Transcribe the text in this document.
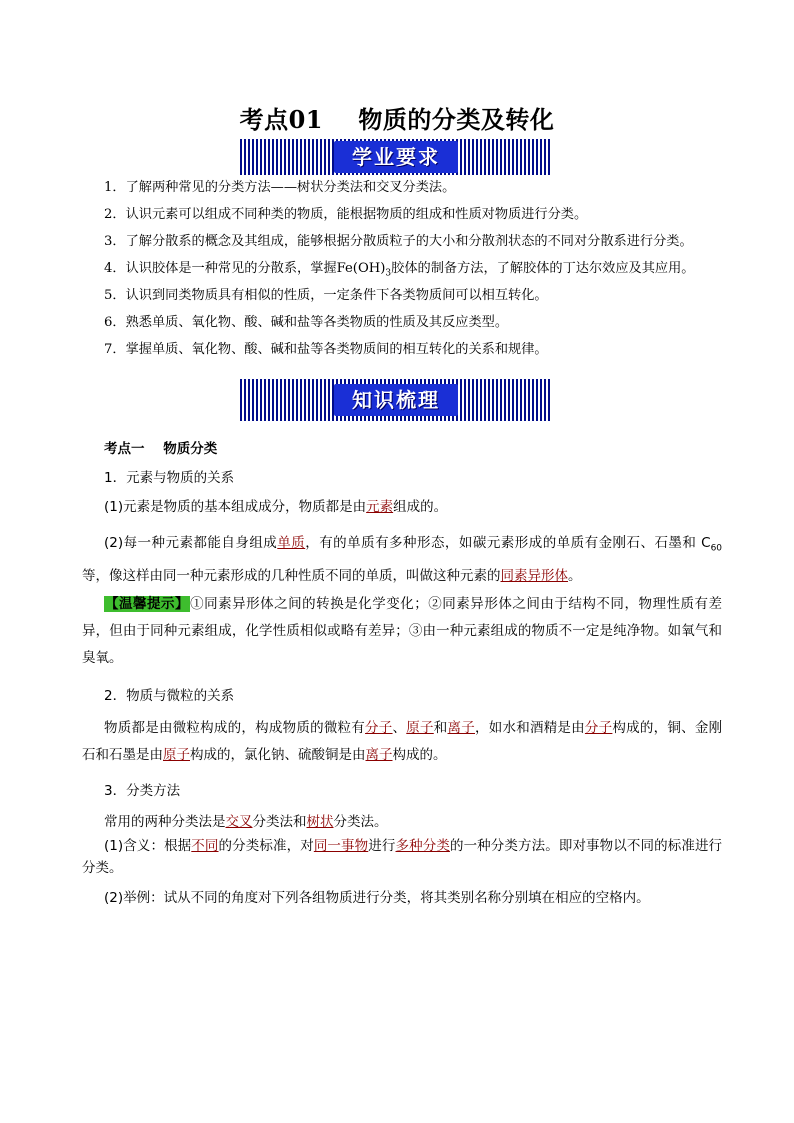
考点01    物质的分类及转化
学业要求
1．了解两种常见的分类方法——树状分类法和交叉分类法。
2．认识元素可以组成不同种类的物质，能根据物质的组成和性质对物质进行分类。
3．了解分散系的概念及其组成，能够根据分散质粒子的大小和分散剂状态的不同对分散系进行分类。
4．认识胶体是一种常见的分散系，掌握$Fe(OH)_3$胶体的制备方法，了解胶体的丁达尔效应及其应用。
5．认识到同类物质具有相似的性质，一定条件下各类物质间可以相互转化。
6．熟悉单质、氧化物、酸、碱和盐等各类物质的性质及其反应类型。
7．掌握单质、氧化物、酸、碱和盐等各类物质间的相互转化的关系和规律。
知识梳理
考点一    物质分类
1．元素与物质的关系
(1)元素是物质的基本组成成分，物质都是由元素组成的。
(2)每一种元素都能自身组成单质，有的单质有多种形态，如碳元素形成的单质有金刚石、石墨和 $C_{60}$ 等，像这样由同一种元素形成的几种性质不同的单质，叫做这种元素的同素异形体。
【温馨提示】①同素异形体之间的转换是化学变化；②同素异形体之间由于结构不同，物理性质有差异，但由于同种元素组成，化学性质相似或略有差异；③由一种元素组成的物质不一定是纯净物。如氧气和臭氧。
2．物质与微粒的关系
物质都是由微粒构成的，构成物质的微粒有分子、原子和离子，如水和酒精是由分子构成的，铜、金刚石和石墨是由原子构成的，氯化钠、硫酸铜是由离子构成的。
3．分类方法
常用的两种分类法是交叉分类法和树状分类法。
(1)含义：根据不同的分类标准，对同一事物进行多种分类的一种分类方法。即对事物以不同的标准进行分类。
(2)举例：试从不同的角度对下列各组物质进行分类，将其类别名称分别填在相应的空格内。
